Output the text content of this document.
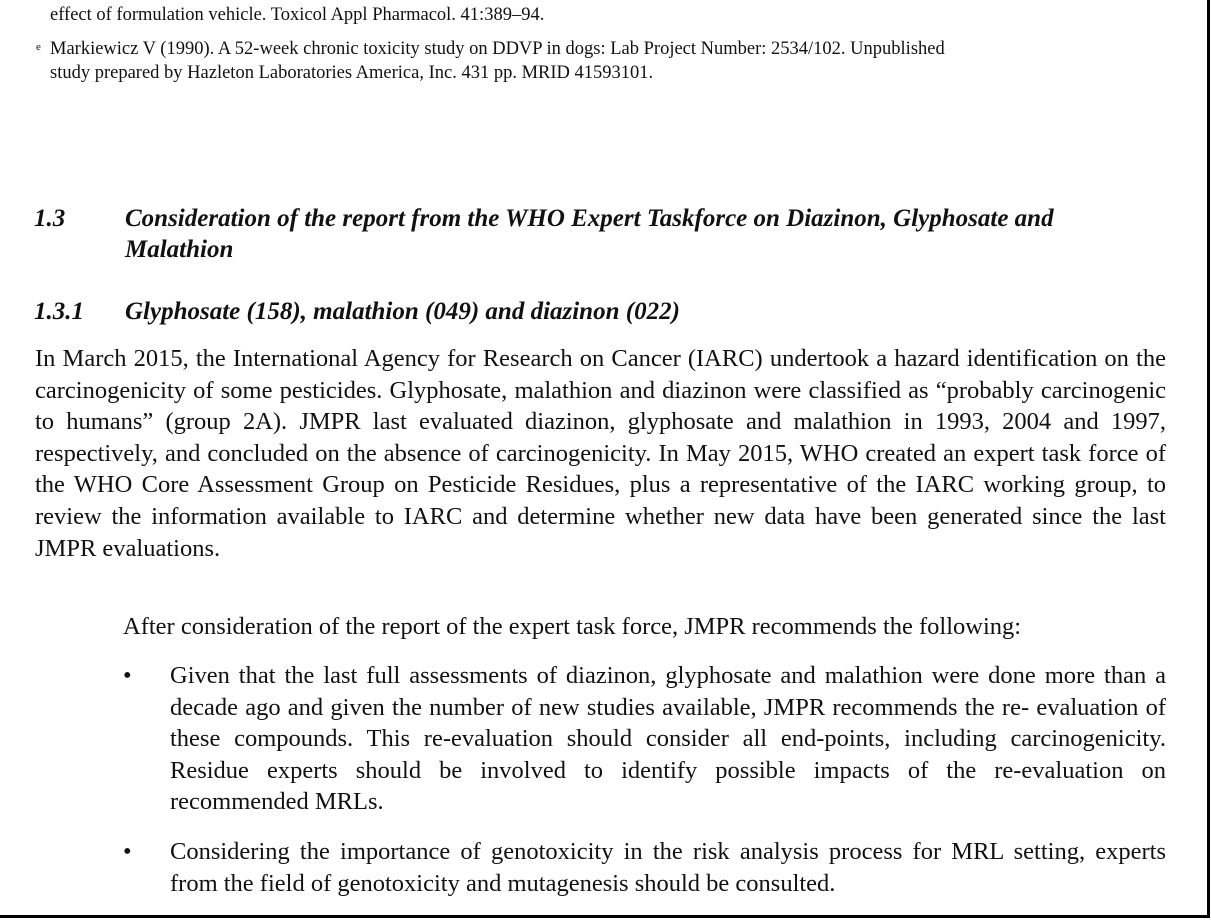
effect of formulation vehicle. Toxicol Appl Pharmacol. 41:389–94.
e Markiewicz V (1990). A 52-week chronic toxicity study on DDVP in dogs: Lab Project Number: 2534/102. Unpublished
study prepared by Hazleton Laboratories America, Inc. 431 pp. MRID 41593101.
1.3 Consideration of the report from the WHO Expert Taskforce on Diazinon, Glyphosate and Malathion
1.3.1 Glyphosate (158), malathion (049) and diazinon (022)

In March 2015, the International Agency for Research on Cancer (IARC) undertook a hazard identification on the carcinogenicity of some pesticides. Glyphosate, malathion and diazinon were classified as “probably carcinogenic to humans” (group 2A). JMPR last evaluated diazinon, glyphosate and malathion in 1993, 2004 and 1997, respectively, and concluded on the absence of carcinogenicity. In May 2015, WHO created an expert task force of the WHO Core Assessment Group on Pesticide Residues, plus a representative of the IARC working group, to review the information available to IARC and determine whether new data have been generated since the last JMPR evaluations.

After consideration of the report of the expert task force, JMPR recommends the following:

•	Given that the last full assessments of diazinon, glyphosate and malathion were done more than a decade ago and given the number of new studies available, JMPR recommends the re- evaluation of these compounds. This re-evaluation should consider all end-points, including carcinogenicity. Residue experts should be involved to identify possible impacts of the re-evaluation on recommended MRLs.
•	Considering the importance of genotoxicity in the risk analysis process for MRL setting, experts from the field of genotoxicity and mutagenesis should be consulted.
